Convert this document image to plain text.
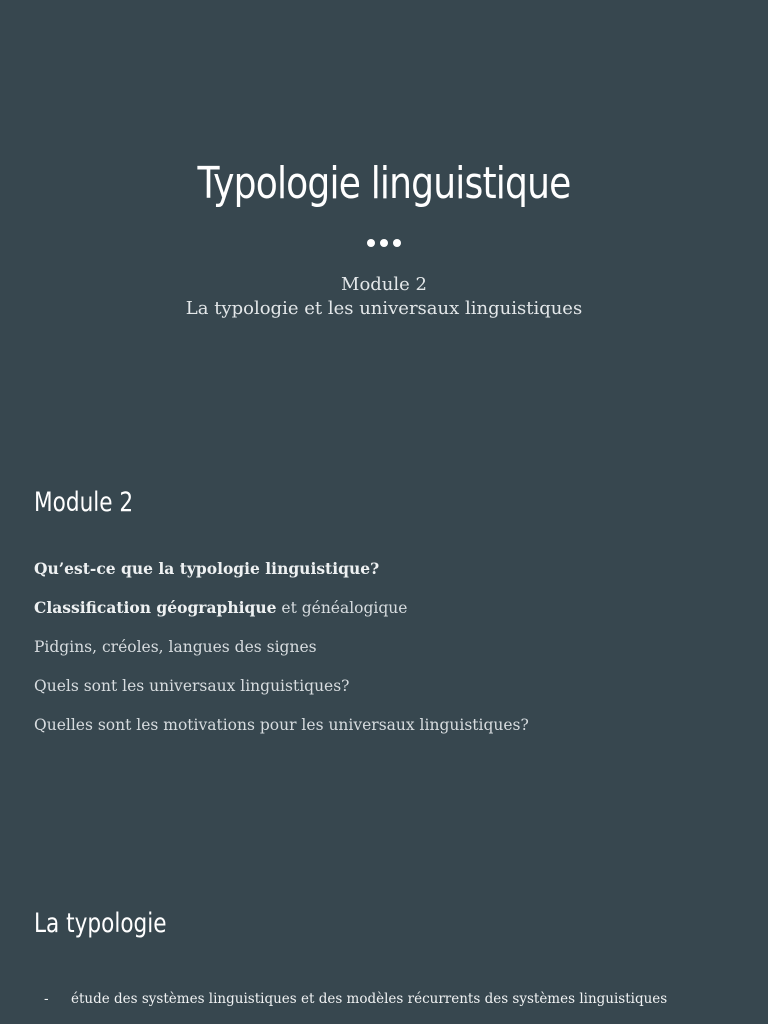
Typologie linguistique
Module 2
La typologie et les universaux linguistiques
Module 2
Qu’est-ce que la typologie linguistique?
Classification géographique et généalogique
Pidgins, créoles, langues des signes
Quels sont les universaux linguistiques?
Quelles sont les motivations pour les universaux linguistiques?
La typologie
- étude des systèmes linguistiques et des modèles récurrents des systèmes linguistiques
